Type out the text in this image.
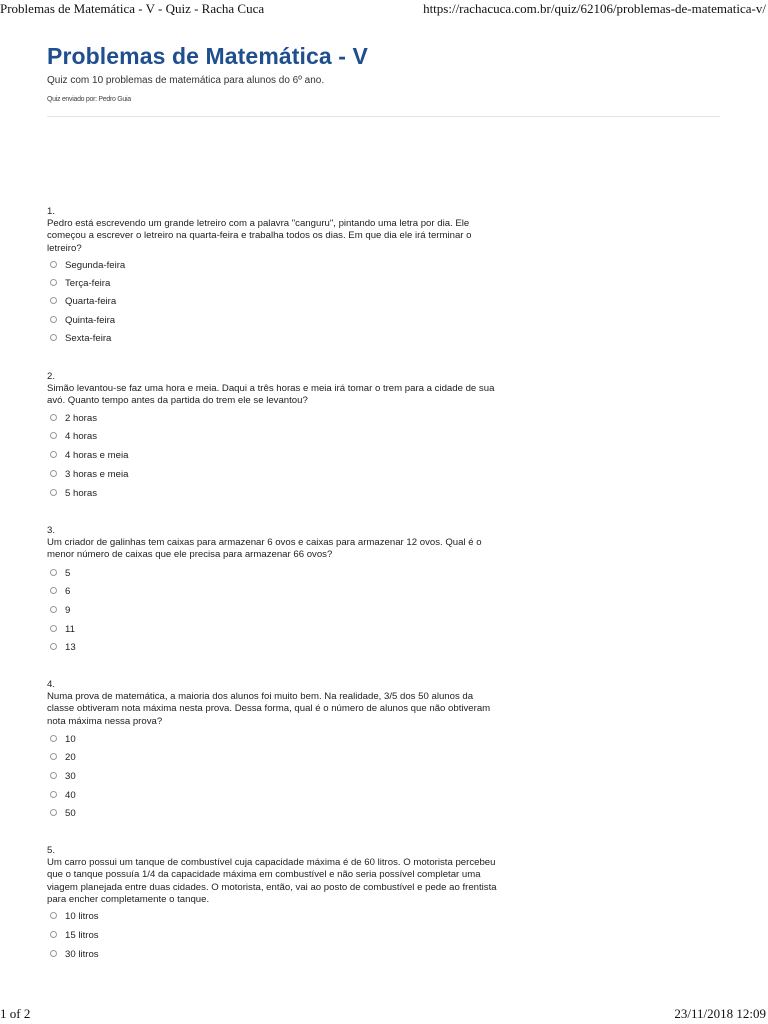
Problemas de Matemática - V - Quiz - Racha Cuca	https://rachacuca.com.br/quiz/62106/problemas-de-matematica-v/
Problemas de Matemática - V
Quiz com 10 problemas de matemática para alunos do 6º ano.
Quiz enviado por: Pedro Guia
1.
Pedro está escrevendo um grande letreiro com a palavra "canguru", pintando uma letra por dia. Ele começou a escrever o letreiro na quarta-feira e trabalha todos os dias. Em que dia ele irá terminar o letreiro?
Segunda-feira
Terça-feira
Quarta-feira
Quinta-feira
Sexta-feira
2.
Simão levantou-se faz uma hora e meia. Daqui a três horas e meia irá tomar o trem para a cidade de sua avó. Quanto tempo antes da partida do trem ele se levantou?
2 horas
4 horas
4 horas e meia
3 horas e meia
5 horas
3.
Um criador de galinhas tem caixas para armazenar 6 ovos e caixas para armazenar 12 ovos. Qual é o menor número de caixas que ele precisa para armazenar 66 ovos?
5
6
9
11
13
4.
Numa prova de matemática, a maioria dos alunos foi muito bem. Na realidade, 3/5 dos 50 alunos da classe obtiveram nota máxima nesta prova. Dessa forma, qual é o número de alunos que não obtiveram nota máxima nessa prova?
10
20
30
40
50
5.
Um carro possui um tanque de combustível cuja capacidade máxima é de 60 litros. O motorista percebeu que o tanque possuía 1/4 da capacidade máxima em combustível e não seria possível completar uma viagem planejada entre duas cidades. O motorista, então, vai ao posto de combustível e pede ao frentista para encher completamente o tanque.
10 litros
15 litros
30 litros
1 of 2	23/11/2018 12:09
